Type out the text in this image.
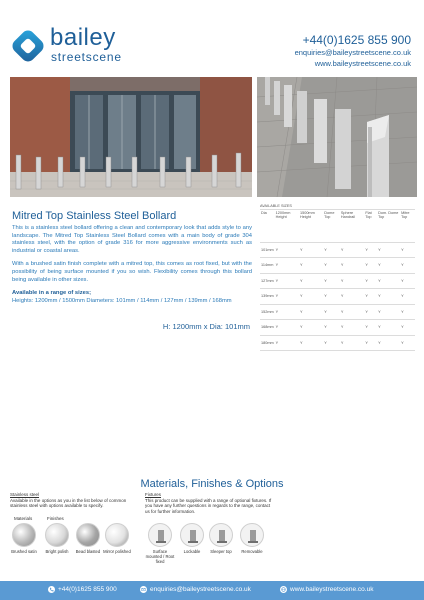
bailey
streetscene
+44(0)1625 855 900
enquiries@baileystreetscene.co.uk
www.baileystreetscene.co.uk
Mitred Top Stainless Steel Bollard

This is a stainless steel bollard offering a clean and contemporary look that adds style to any landscape. The Mitred Top Stainless Steel Bollard comes with a main body of grade 304 stainless steel, with the option of grade 316 for more aggressive environments such as industrial or coastal areas.

With a brushed satin finish complete with a mitred top, this comes as root fixed, but with the possibility of being surface mounted if you so wish. Flexibility comes through this bollard being available in other sizes.

Available in a range of sizes;
Heights: 1200mm / 1500mm Diameters: 101mm / 114mm / 127mm / 139mm / 168mm
H: 1200mm x Dia: 101mm
AVAILABLE SIZES
Dia	1200mm Height	1500mm Height	Dome Top	Sphere Handrail	Flat Top	Dom. Dome Top	Mitre Top
101mm	Y	Y	Y	Y	Y	Y	Y
114mm	Y	Y	Y	Y	Y	Y	Y
127mm	Y	Y	Y	Y	Y	Y	Y
139mm	Y	Y	Y	Y	Y	Y	Y
152mm	Y	Y	Y	Y	Y	Y	Y
168mm	Y	Y	Y	Y	Y	Y	Y
180mm	Y	Y	Y	Y	Y	Y	Y
Materials, Finishes & Options
Stainless steel
Available in the options as you in the list below of common stainless steel with options available to specify.
Fixtures
This product can be supplied with a range of optional fixtures. If you have any further questions in regards to the range, contact us for further information.
Materials	Finishes
Brushed satin	Bright polish	Bead blasted Mirror polished	Surface mounted / Root fixed
Lockable	Sleeper top	Removable
+44(0)1625 855 900	enquiries@baileystreetscene.co.uk	www.baileystreetscene.co.uk
